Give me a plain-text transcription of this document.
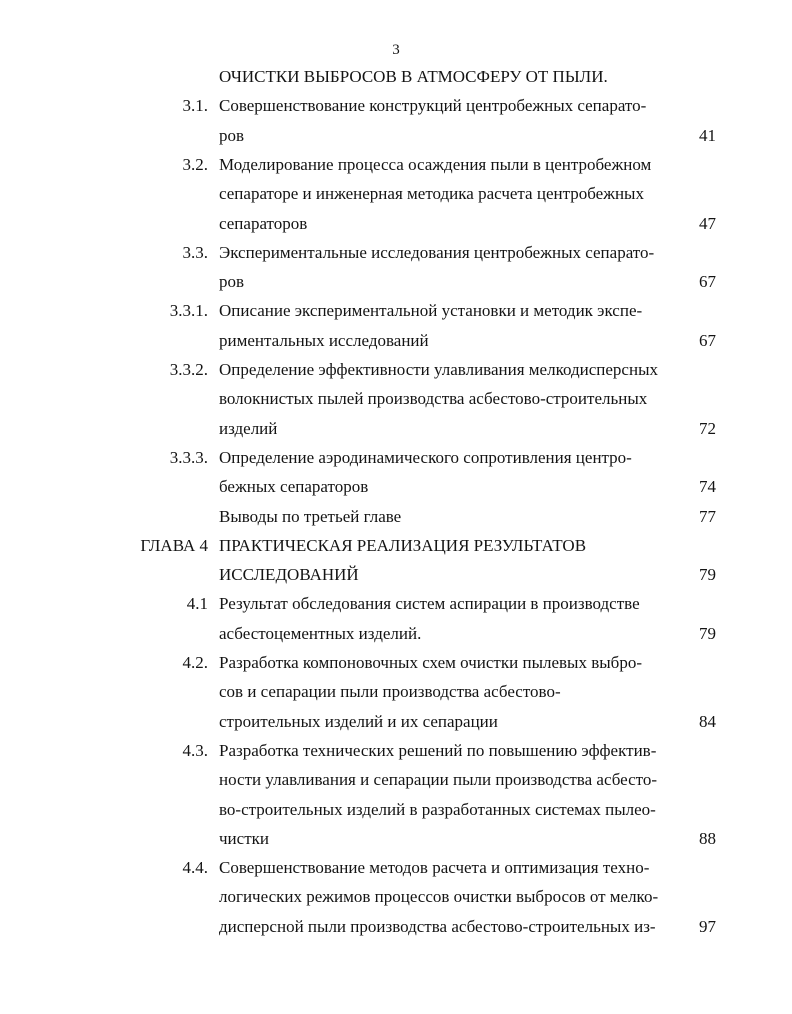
3
ОЧИСТКИ ВЫБРОСОВ В АТМОСФЕРУ ОТ ПЫЛИ.
3.1. Совершенствование конструкций центробежных сепарато-
ров	41
3.2. Моделирование процесса осаждения пыли в центробежном
сепараторе и инженерная методика расчета центробежных
сепараторов	47
3.3. Экспериментальные исследования центробежных сепарато-
ров	67
3.3.1. Описание экспериментальной установки и методик экспе-
риментальных исследований	67
3.3.2. Определение эффективности улавливания мелкодисперсных
волокнистых пылей производства асбестово-строительных
изделий	72
3.3.3. Определение аэродинамического сопротивления центро-
бежных сепараторов	74
Выводы по третьей главе	77
ГЛАВА 4 ПРАКТИЧЕСКАЯ РЕАЛИЗАЦИЯ РЕЗУЛЬТАТОВ
ИССЛЕДОВАНИЙ	79
4.1 Результат обследования систем аспирации в производстве
асбестоцементных изделий.	79
4.2. Разработка компоновочных схем очистки пылевых выбро-
сов и сепарации пыли производства асбестово-
строительных изделий и их сепарации	84
4.3. Разработка технических решений по повышению эффектив-
ности улавливания и сепарации пыли производства асбесто-
во-строительных изделий в разработанных системах пылео-
чистки	88
4.4. Совершенствование методов расчета и оптимизация техно-
логических режимов процессов очистки выбросов от мелко-
дисперсной пыли производства асбестово-строительных из-	97
